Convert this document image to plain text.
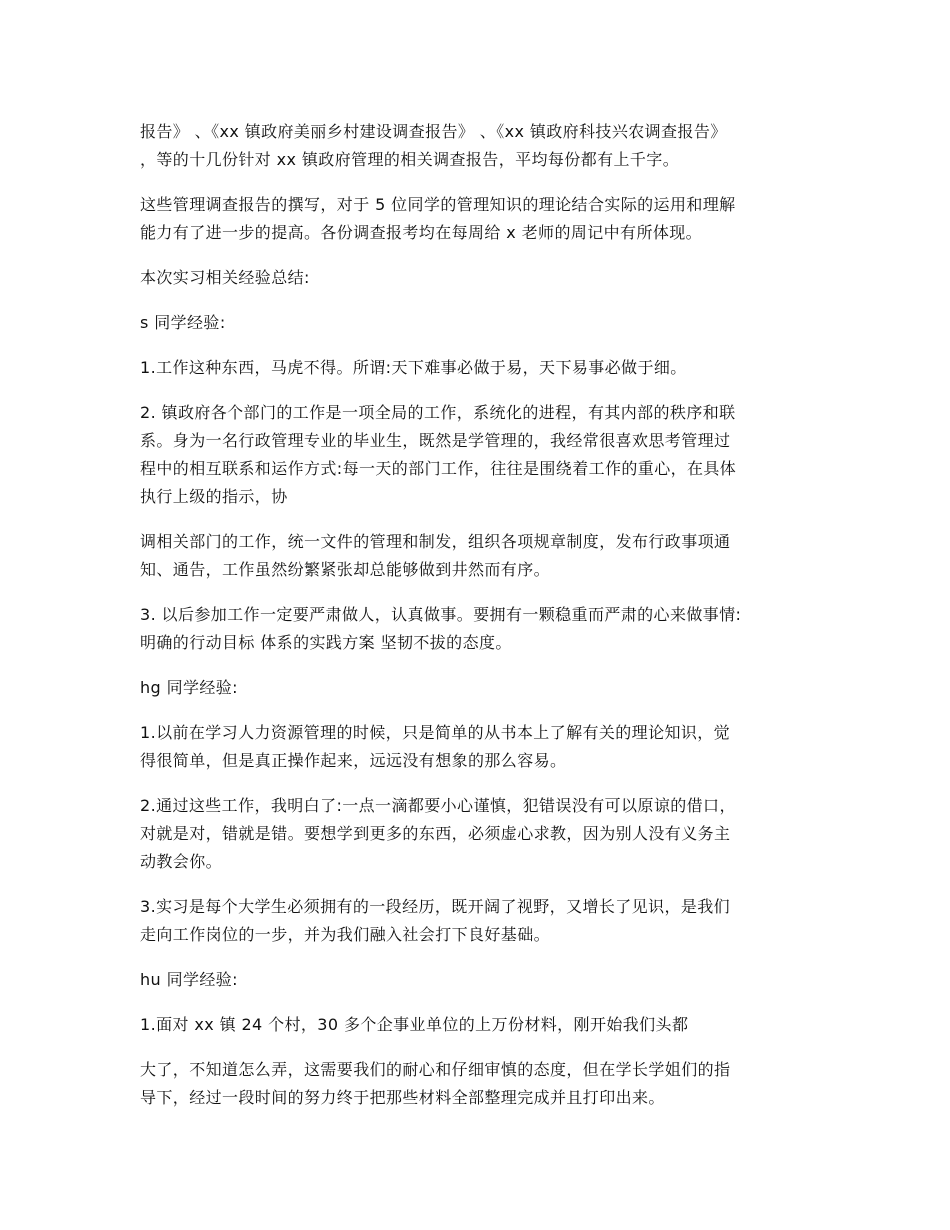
报告》 、《xx 镇政府美丽乡村建设调查报告》 、《xx 镇政府科技兴农调查报告》
，等的十几份针对 xx 镇政府管理的相关调查报告，平均每份都有上千字。

这些管理调查报告的撰写，对于 5 位同学的管理知识的理论结合实际的运用和理解
能力有了进一步的提高。各份调查报考均在每周给 x 老师的周记中有所体现。

本次实习相关经验总结:

s 同学经验:

1.工作这种东西，马虎不得。所谓:天下难事必做于易，天下易事必做于细。

2. 镇政府各个部门的工作是一项全局的工作，系统化的进程，有其内部的秩序和联
系。身为一名行政管理专业的毕业生，既然是学管理的，我经常很喜欢思考管理过
程中的相互联系和运作方式:每一天的部门工作，往往是围绕着工作的重心，在具体
执行上级的指示，协

调相关部门的工作，统一文件的管理和制发，组织各项规章制度，发布行政事项通
知、通告，工作虽然纷繁紧张却总能够做到井然而有序。

3. 以后参加工作一定要严肃做人，认真做事。要拥有一颗稳重而严肃的心来做事情:
明确的行动目标 体系的实践方案 坚韧不拔的态度。

hg 同学经验:

1.以前在学习人力资源管理的时候，只是简单的从书本上了解有关的理论知识，觉
得很简单，但是真正操作起来，远远没有想象的那么容易。

2.通过这些工作，我明白了:一点一滴都要小心谨慎，犯错误没有可以原谅的借口，
对就是对，错就是错。要想学到更多的东西，必须虚心求教，因为别人没有义务主
动教会你。

3.实习是每个大学生必须拥有的一段经历，既开阔了视野，又增长了见识，是我们
走向工作岗位的一步，并为我们融入社会打下良好基础。

hu 同学经验:

1.面对 xx 镇 24 个村，30 多个企事业单位的上万份材料，刚开始我们头都

大了，不知道怎么弄，这需要我们的耐心和仔细审慎的态度，但在学长学姐们的指
导下，经过一段时间的努力终于把那些材料全部整理完成并且打印出来。
